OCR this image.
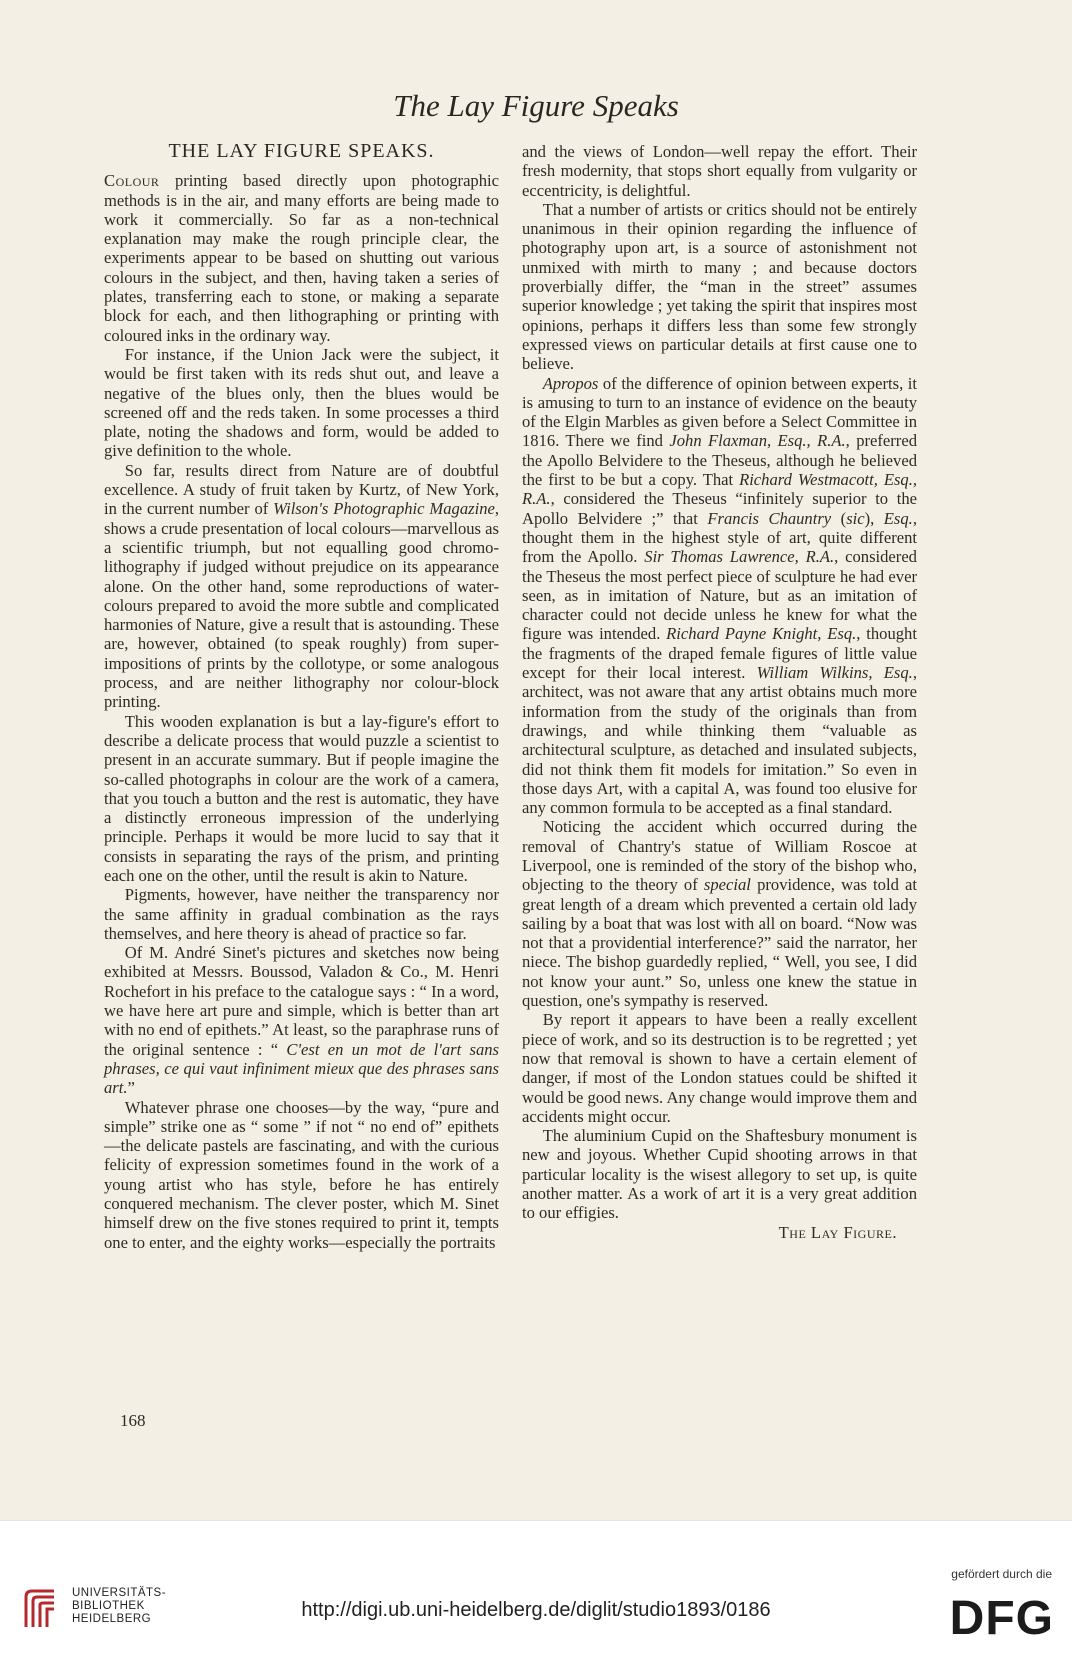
The Lay Figure Speaks
THE LAY FIGURE SPEAKS.

Colour printing based directly upon photographic methods is in the air, and many efforts are being made to work it commercially. So far as a non-technical explanation may make the rough principle clear, the experiments appear to be based on shutting out various colours in the subject, and then, having taken a series of plates, transferring each to stone, or making a separate block for each, and then lithographing or printing with coloured inks in the ordinary way.

For instance, if the Union Jack were the subject, it would be first taken with its reds shut out, and leave a negative of the blues only, then the blues would be screened off and the reds taken. In some processes a third plate, noting the shadows and form, would be added to give definition to the whole.

So far, results direct from Nature are of doubtful excellence. A study of fruit taken by Kurtz, of New York, in the current number of Wilson's Photographic Magazine, shows a crude presentation of local colours—marvellous as a scientific triumph, but not equalling good chromo-lithography if judged without prejudice on its appearance alone. On the other hand, some reproductions of water-colours prepared to avoid the more subtle and complicated harmonies of Nature, give a result that is astounding. These are, however, obtained (to speak roughly) from super-impositions of prints by the collotype, or some analogous process, and are neither lithography nor colour-block printing.

This wooden explanation is but a lay-figure's effort to describe a delicate process that would puzzle a scientist to present in an accurate summary. But if people imagine the so-called photographs in colour are the work of a camera, that you touch a button and the rest is automatic, they have a distinctly erroneous impression of the underlying principle. Perhaps it would be more lucid to say that it consists in separating the rays of the prism, and printing each one on the other, until the result is akin to Nature.

Pigments, however, have neither the transparency nor the same affinity in gradual combination as the rays themselves, and here theory is ahead of practice so far.

Of M. André Sinet's pictures and sketches now being exhibited at Messrs. Boussod, Valadon & Co., M. Henri Rochefort in his preface to the catalogue says : “ In a word, we have here art pure and simple, which is better than art with no end of epithets.” At least, so the paraphrase runs of the original sentence : “ C'est en un mot de l'art sans phrases, ce qui vaut infiniment mieux que des phrases sans art.”

Whatever phrase one chooses—by the way, “pure and simple” strike one as “ some ” if not “ no end of” epithets—the delicate pastels are fascinating, and with the curious felicity of expression sometimes found in the work of a young artist who has style, before he has entirely conquered mechanism. The clever poster, which M. Sinet himself drew on the five stones required to print it, tempts one to enter, and the eighty works—especially the portraits

and the views of London—well repay the effort. Their fresh modernity, that stops short equally from vulgarity or eccentricity, is delightful.

That a number of artists or critics should not be entirely unanimous in their opinion regarding the influence of photography upon art, is a source of astonishment not unmixed with mirth to many ; and because doctors proverbially differ, the “man in the street” assumes superior knowledge ; yet taking the spirit that inspires most opinions, perhaps it differs less than some few strongly expressed views on particular details at first cause one to believe.

Apropos of the difference of opinion between experts, it is amusing to turn to an instance of evidence on the beauty of the Elgin Marbles as given before a Select Committee in 1816. There we find John Flaxman, Esq., R.A., preferred the Apollo Belvidere to the Theseus, although he believed the first to be but a copy. That Richard Westmacott, Esq., R.A., considered the Theseus “infinitely superior to the Apollo Belvidere ;” that Francis Chauntry (sic), Esq., thought them in the highest style of art, quite different from the Apollo. Sir Thomas Lawrence, R.A., considered the Theseus the most perfect piece of sculpture he had ever seen, as in imitation of Nature, but as an imitation of character could not decide unless he knew for what the figure was intended. Richard Payne Knight, Esq., thought the fragments of the draped female figures of little value except for their local interest. William Wilkins, Esq., architect, was not aware that any artist obtains much more information from the study of the originals than from drawings, and while thinking them “valuable as architectural sculpture, as detached and insulated subjects, did not think them fit models for imitation.” So even in those days Art, with a capital A, was found too elusive for any common formula to be accepted as a final standard.

Noticing the accident which occurred during the removal of Chantry's statue of William Roscoe at Liverpool, one is reminded of the story of the bishop who, objecting to the theory of special providence, was told at great length of a dream which prevented a certain old lady sailing by a boat that was lost with all on board. “Now was not that a providential interference?” said the narrator, her niece. The bishop guardedly replied, “ Well, you see, I did not know your aunt.” So, unless one knew the statue in question, one's sympathy is reserved.

By report it appears to have been a really excellent piece of work, and so its destruction is to be regretted ; yet now that removal is shown to have a certain element of danger, if most of the London statues could be shifted it would be good news. Any change would improve them and accidents might occur.

The aluminium Cupid on the Shaftesbury monument is new and joyous. Whether Cupid shooting arrows in that particular locality is the wisest allegory to set up, is quite another matter. As a work of art it is a very great addition to our effigies.

The Lay Figure.

168
UNIVERSITÄTS-
BIBLIOTHEK
HEIDELBERG	http://digi.ub.uni-heidelberg.de/diglit/studio1893/0186
gefördert durch die
DFG
